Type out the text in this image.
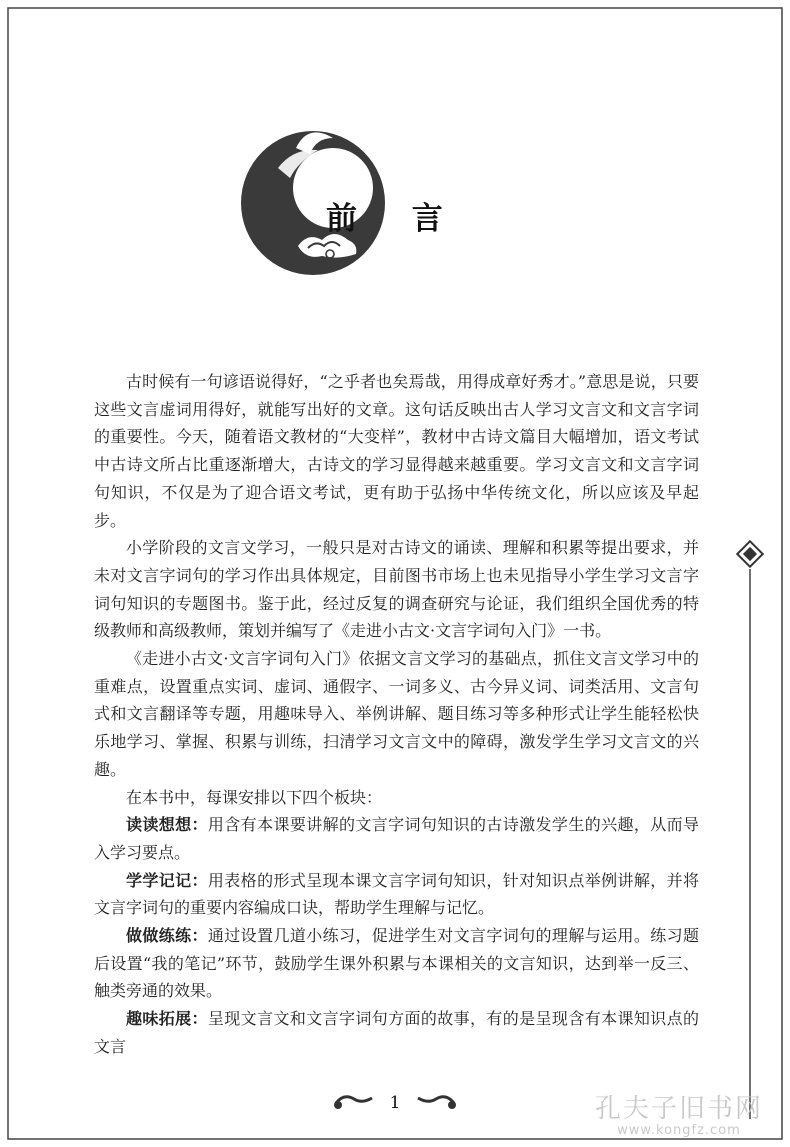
前 言

古时候有一句谚语说得好，“之乎者也矣焉哉，用得成章好秀才。”意思是说，只要这些文言虚词用得好，就能写出好的文章。这句话反映出古人学习文言文和文言字词的重要性。今天，随着语文教材的“大变样”，教材中古诗文篇目大幅增加，语文考试中古诗文所占比重逐渐增大，古诗文的学习显得越来越重要。学习文言文和文言字词句知识，不仅是为了迎合语文考试，更有助于弘扬中华传统文化，所以应该及早起步。

小学阶段的文言文学习，一般只是对古诗文的诵读、理解和积累等提出要求，并未对文言字词句的学习作出具体规定，目前图书市场上也未见指导小学生学习文言字词句知识的专题图书。鉴于此，经过反复的调查研究与论证，我们组织全国优秀的特级教师和高级教师，策划并编写了《走进小古文·文言字词句入门》一书。

《走进小古文·文言字词句入门》依据文言文学习的基础点，抓住文言文学习中的重难点，设置重点实词、虚词、通假字、一词多义、古今异义词、词类活用、文言句式和文言翻译等专题，用趣味导入、举例讲解、题目练习等多种形式让学生能轻松快乐地学习、掌握、积累与训练，扫清学习文言文中的障碍，激发学生学习文言文的兴趣。

在本书中，每课安排以下四个板块：

读读想想：用含有本课要讲解的文言字词句知识的古诗激发学生的兴趣，从而导入学习要点。

学学记记：用表格的形式呈现本课文言字词句知识，针对知识点举例讲解，并将文言字词句的重要内容编成口诀，帮助学生理解与记忆。

做做练练：通过设置几道小练习，促进学生对文言字词句的理解与运用。练习题后设置“我的笔记”环节，鼓励学生课外积累与本课相关的文言知识，达到举一反三、触类旁通的效果。

趣味拓展：呈现文言文和文言字词句方面的故事，有的是呈现含有本课知识点的文言

1	孔夫子旧书网
www.kongfz.com
